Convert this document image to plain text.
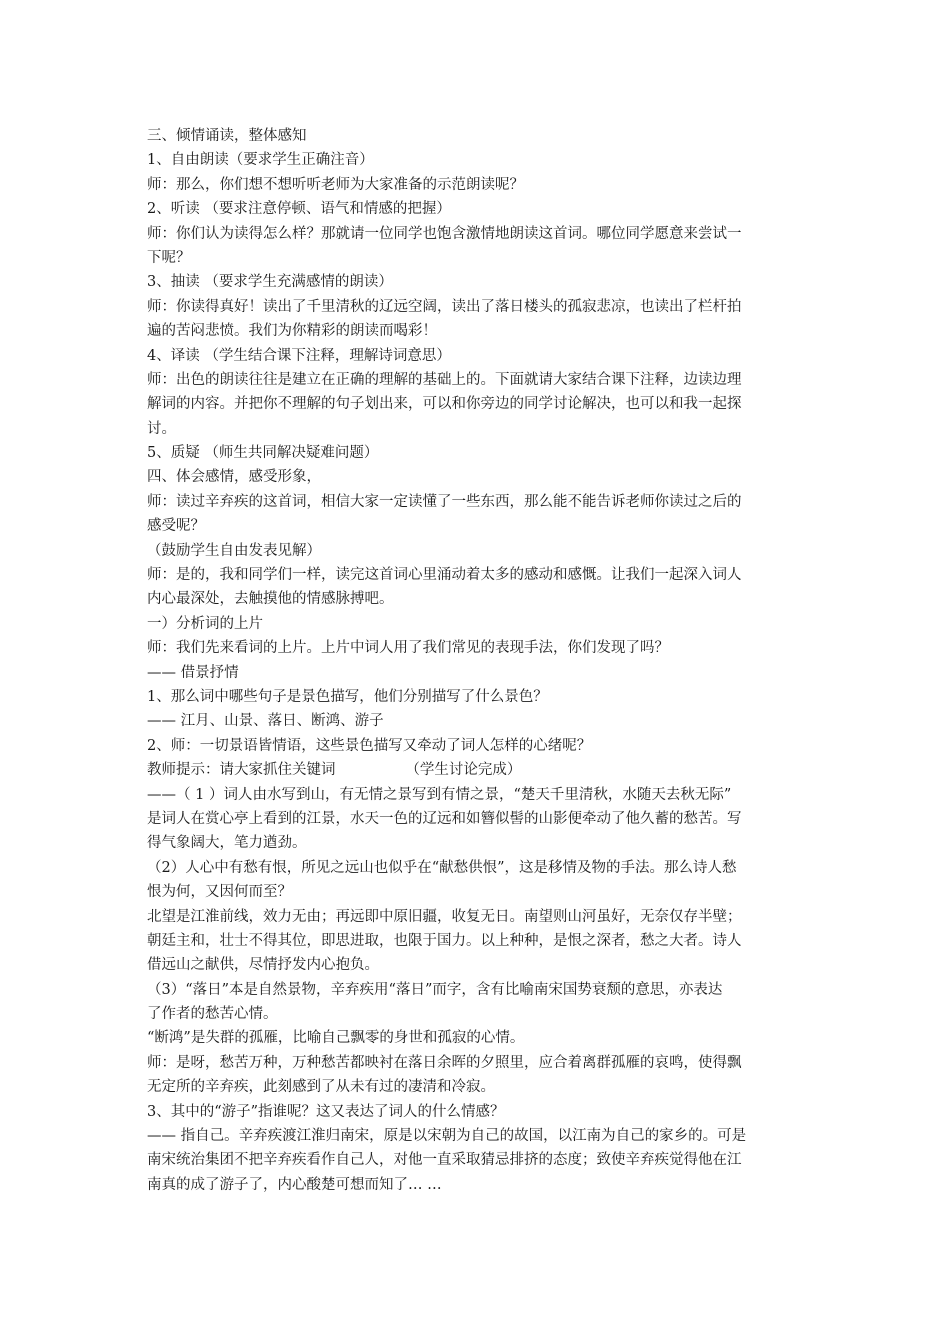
三、倾情诵读，整体感知
1、自由朗读（要求学生正确注音）
师：那么，你们想不想听听老师为大家准备的示范朗读呢？
2、听读 （要求注意停顿、语气和情感的把握）
师：你们认为读得怎么样？那就请一位同学也饱含激情地朗读这首词。哪位同学愿意来尝试一
下呢？
3、抽读 （要求学生充满感情的朗读）
师：你读得真好！读出了千里清秋的辽远空阔，读出了落日楼头的孤寂悲凉，也读出了栏杆拍
遍的苦闷悲愤。我们为你精彩的朗读而喝彩！
4、译读 （学生结合课下注释，理解诗词意思）
师：出色的朗读往往是建立在正确的理解的基础上的。下面就请大家结合课下注释，边读边理
解词的内容。并把你不理解的句子划出来，可以和你旁边的同学讨论解决，也可以和我一起探
讨。
5、质疑 （师生共同解决疑难问题）
四、体会感情，感受形象，
师：读过辛弃疾的这首词，相信大家一定读懂了一些东西，那么能不能告诉老师你读过之后的
感受呢？
（鼓励学生自由发表见解）
师：是的，我和同学们一样，读完这首词心里涌动着太多的感动和感慨。让我们一起深入词人
内心最深处，去触摸他的情感脉搏吧。
一）分析词的上片
师：我们先来看词的上片。上片中词人用了我们常见的表现手法，你们发现了吗？
—— 借景抒情
1、那么词中哪些句子是景色描写，他们分别描写了什么景色？
—— 江月、山景、落日、断鸿、游子
2、师：一切景语皆情语，这些景色描写又牵动了词人怎样的心绪呢？
教师提示：请大家抓住关键词 　　　　　（学生讨论完成）
——（ 1 ）词人由水写到山，有无情之景写到有情之景，“楚天千里清秋，水随天去秋无际”
是词人在赏心亭上看到的江景，水天一色的辽远和如簪似髻的山影便牵动了他久蓄的愁苦。写
得气象阔大，笔力遒劲。
（2）人心中有愁有恨，所见之远山也似乎在“献愁供恨”，这是移情及物的手法。那么诗人愁
恨为何，又因何而至？
北望是江淮前线，效力无由；再远即中原旧疆，收复无日。南望则山河虽好，无奈仅存半壁；
朝廷主和，壮士不得其位，即思进取，也限于国力。以上种种，是恨之深者，愁之大者。诗人
借远山之献供，尽情抒发内心抱负。
（3）“落日”本是自然景物，辛弃疾用“落日”而字，含有比喻南宋国势衰颓的意思，亦表达
了作者的愁苦心情。
“断鸿”是失群的孤雁，比喻自己飘零的身世和孤寂的心情。
师：是呀，愁苦万种，万种愁苦都映衬在落日余晖的夕照里，应合着离群孤雁的哀鸣，使得飘
无定所的辛弃疾，此刻感到了从未有过的凄清和冷寂。
3、其中的“游子”指谁呢？这又表达了词人的什么情感？
—— 指自己。辛弃疾渡江淮归南宋，原是以宋朝为自己的故国，以江南为自己的家乡的。可是
南宋统治集团不把辛弃疾看作自己人，对他一直采取猜忌排挤的态度；致使辛弃疾觉得他在江
南真的成了游子了，内心酸楚可想而知了… …
